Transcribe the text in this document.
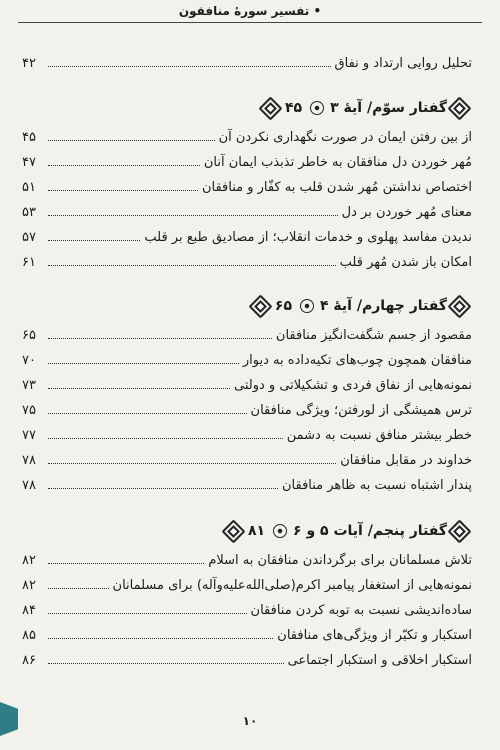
• تفسیر سورهٔ منافقون
تحلیل روایی ارتداد و نفاق
۴۲
گفتار سوّم/ آیهٔ ۳
۴۵
از بین رفتن ایمان در صورت نگهداری نکردن آن
۴۵
مُهر خوردن دل منافقان به خاطر تذبذب ایمان آنان
۴۷
اختصاص نداشتن مُهر شدن قلب به کفّار و منافقان
۵۱
معنای مُهر خوردن بر دل
۵۳
ندیدن مفاسد پهلوی و خدمات انقلاب؛ از مصادیق طبع بر قلب
۵۷
امکان باز شدن مُهر قلب
۶۱
گفتار چهارم/ آیهٔ ۴
۶۵
مقصود از جسم شگفت‌انگیز منافقان
۶۵
منافقان همچون چوب‌های تکیه‌داده به دیوار
۷۰
نمونه‌هایی از نفاق فردی و تشکیلاتی و دولتی
۷۳
ترس همیشگی از لورفتن؛ ویژگی منافقان
۷۵
خطر بیشتر منافق نسبت به دشمن
۷۷
خداوند در مقابل منافقان
۷۸
پندار اشتباه نسبت به ظاهر منافقان
۷۸
گفتار پنجم/ آیات ۵ و ۶
۸۱
تلاش مسلمانان برای برگرداندن منافقان به اسلام
۸۲
نمونه‌هایی از استغفار پیامبر اکرم(صلی‌الله‌علیه‌وآله) برای مسلمانان
۸۲
ساده‌اندیشی نسبت به توبه کردن منافقان
۸۴
استکبار و تکبّر از ویژگی‌های منافقان
۸۵
استکبار اخلاقی و استکبار اجتماعی
۸۶
۱۰
